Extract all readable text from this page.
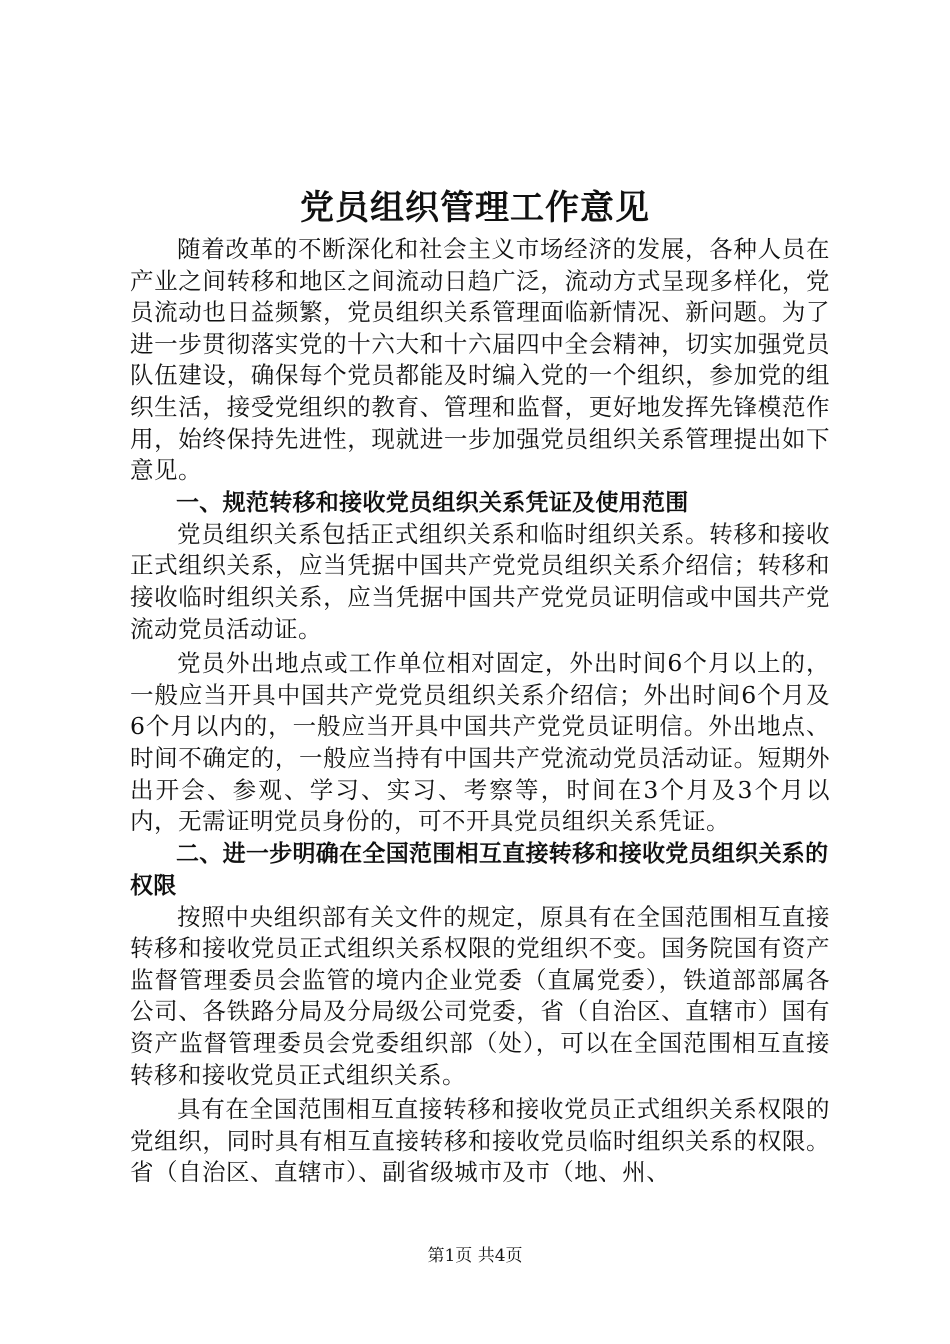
党员组织管理工作意见

随着改革的不断深化和社会主义市场经济的发展，各种人员在产业之间转移和地区之间流动日趋广泛，流动方式呈现多样化，党员流动也日益频繁，党员组织关系管理面临新情况、新问题。为了进一步贯彻落实党的十六大和十六届四中全会精神，切实加强党员队伍建设，确保每个党员都能及时编入党的一个组织，参加党的组织生活，接受党组织的教育、管理和监督，更好地发挥先锋模范作用，始终保持先进性，现就进一步加强党员组织关系管理提出如下意见。

一、规范转移和接收党员组织关系凭证及使用范围

党员组织关系包括正式组织关系和临时组织关系。转移和接收正式组织关系，应当凭据中国共产党党员组织关系介绍信；转移和接收临时组织关系，应当凭据中国共产党党员证明信或中国共产党流动党员活动证。

党员外出地点或工作单位相对固定，外出时间6个月以上的，一般应当开具中国共产党党员组织关系介绍信；外出时间6个月及6个月以内的，一般应当开具中国共产党党员证明信。外出地点、时间不确定的，一般应当持有中国共产党流动党员活动证。短期外出开会、参观、学习、实习、考察等，时间在3个月及3个月以内，无需证明党员身份的，可不开具党员组织关系凭证。

二、进一步明确在全国范围相互直接转移和接收党员组织关系的权限

按照中央组织部有关文件的规定，原具有在全国范围相互直接转移和接收党员正式组织关系权限的党组织不变。国务院国有资产监督管理委员会监管的境内企业党委（直属党委），铁道部部属各公司、各铁路分局及分局级公司党委，省（自治区、直辖市）国有资产监督管理委员会党委组织部（处），可以在全国范围相互直接转移和接收党员正式组织关系。

具有在全国范围相互直接转移和接收党员正式组织关系权限的党组织，同时具有相互直接转移和接收党员临时组织关系的权限。省（自治区、直辖市）、副省级城市及市（地、州、

第1页 共4页
